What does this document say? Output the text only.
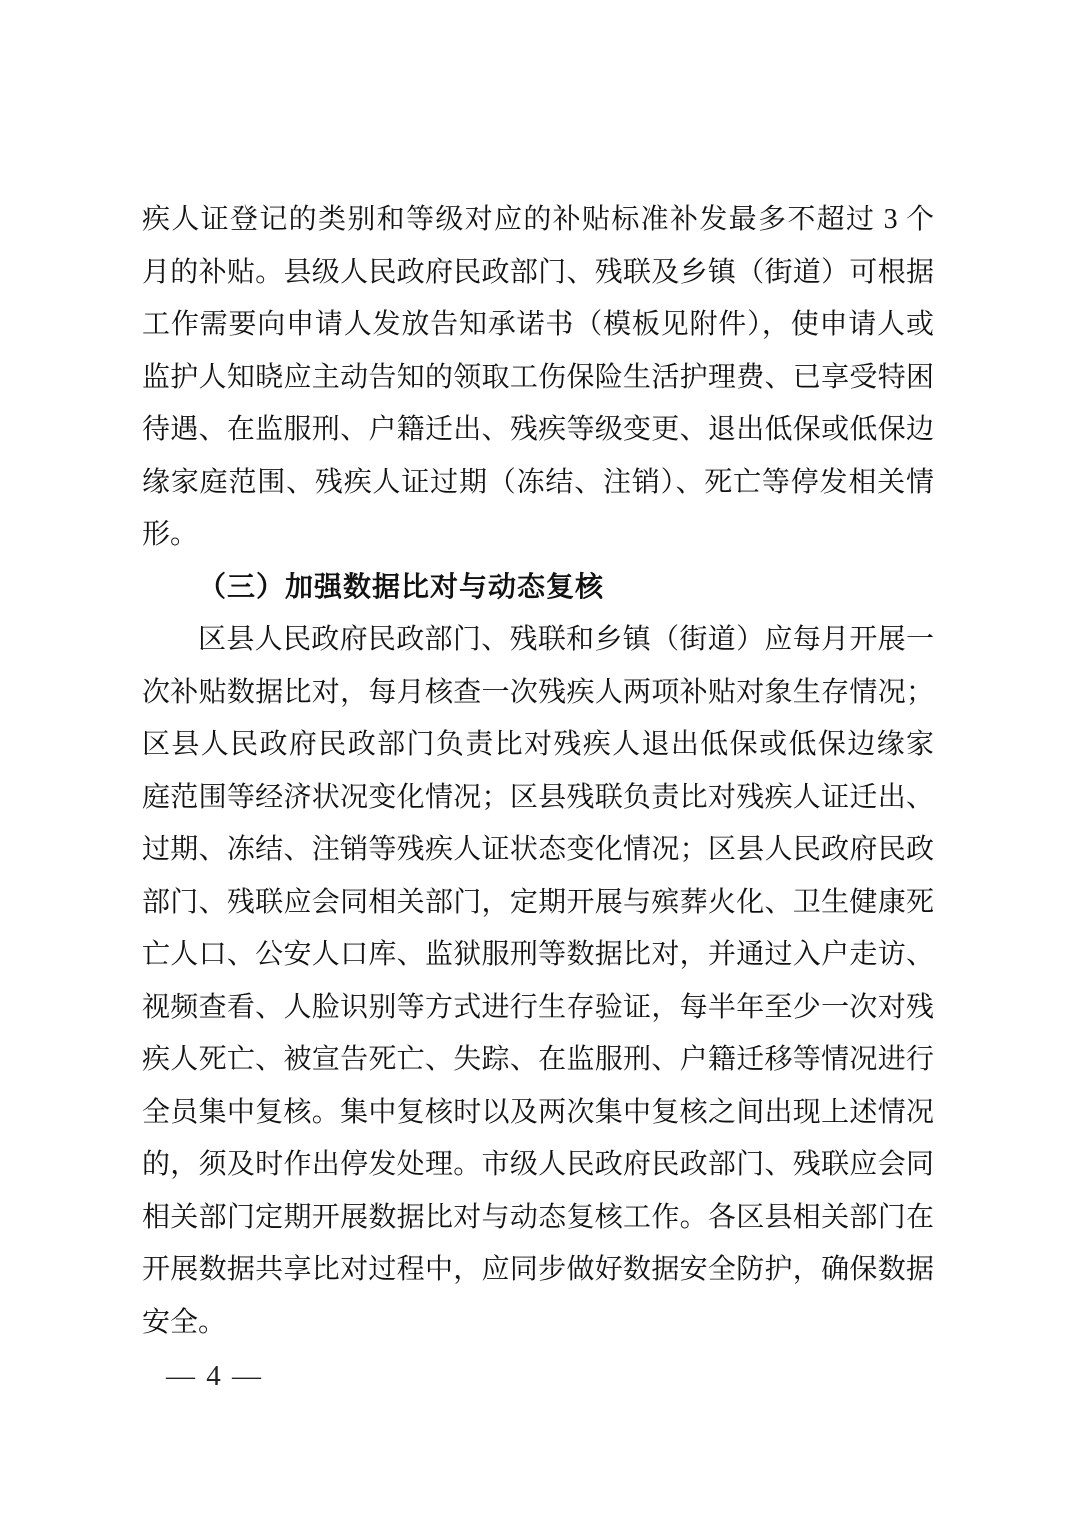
疾人证登记的类别和等级对应的补贴标准补发最多不超过 3 个
月的补贴。县级人民政府民政部门、残联及乡镇（街道）可根据
工作需要向申请人发放告知承诺书（模板见附件），使申请人或
监护人知晓应主动告知的领取工伤保险生活护理费、已享受特困
待遇、在监服刑、户籍迁出、残疾等级变更、退出低保或低保边
缘家庭范围、残疾人证过期（冻结、注销）、死亡等停发相关情
形。
（三）加强数据比对与动态复核
区县人民政府民政部门、残联和乡镇（街道）应每月开展一
次补贴数据比对，每月核查一次残疾人两项补贴对象生存情况；
区县人民政府民政部门负责比对残疾人退出低保或低保边缘家
庭范围等经济状况变化情况；区县残联负责比对残疾人证迁出、
过期、冻结、注销等残疾人证状态变化情况；区县人民政府民政
部门、残联应会同相关部门，定期开展与殡葬火化、卫生健康死
亡人口、公安人口库、监狱服刑等数据比对，并通过入户走访、
视频查看、人脸识别等方式进行生存验证，每半年至少一次对残
疾人死亡、被宣告死亡、失踪、在监服刑、户籍迁移等情况进行
全员集中复核。集中复核时以及两次集中复核之间出现上述情况
的，须及时作出停发处理。市级人民政府民政部门、残联应会同
相关部门定期开展数据比对与动态复核工作。各区县相关部门在
开展数据共享比对过程中，应同步做好数据安全防护，确保数据
安全。
— 4 —
